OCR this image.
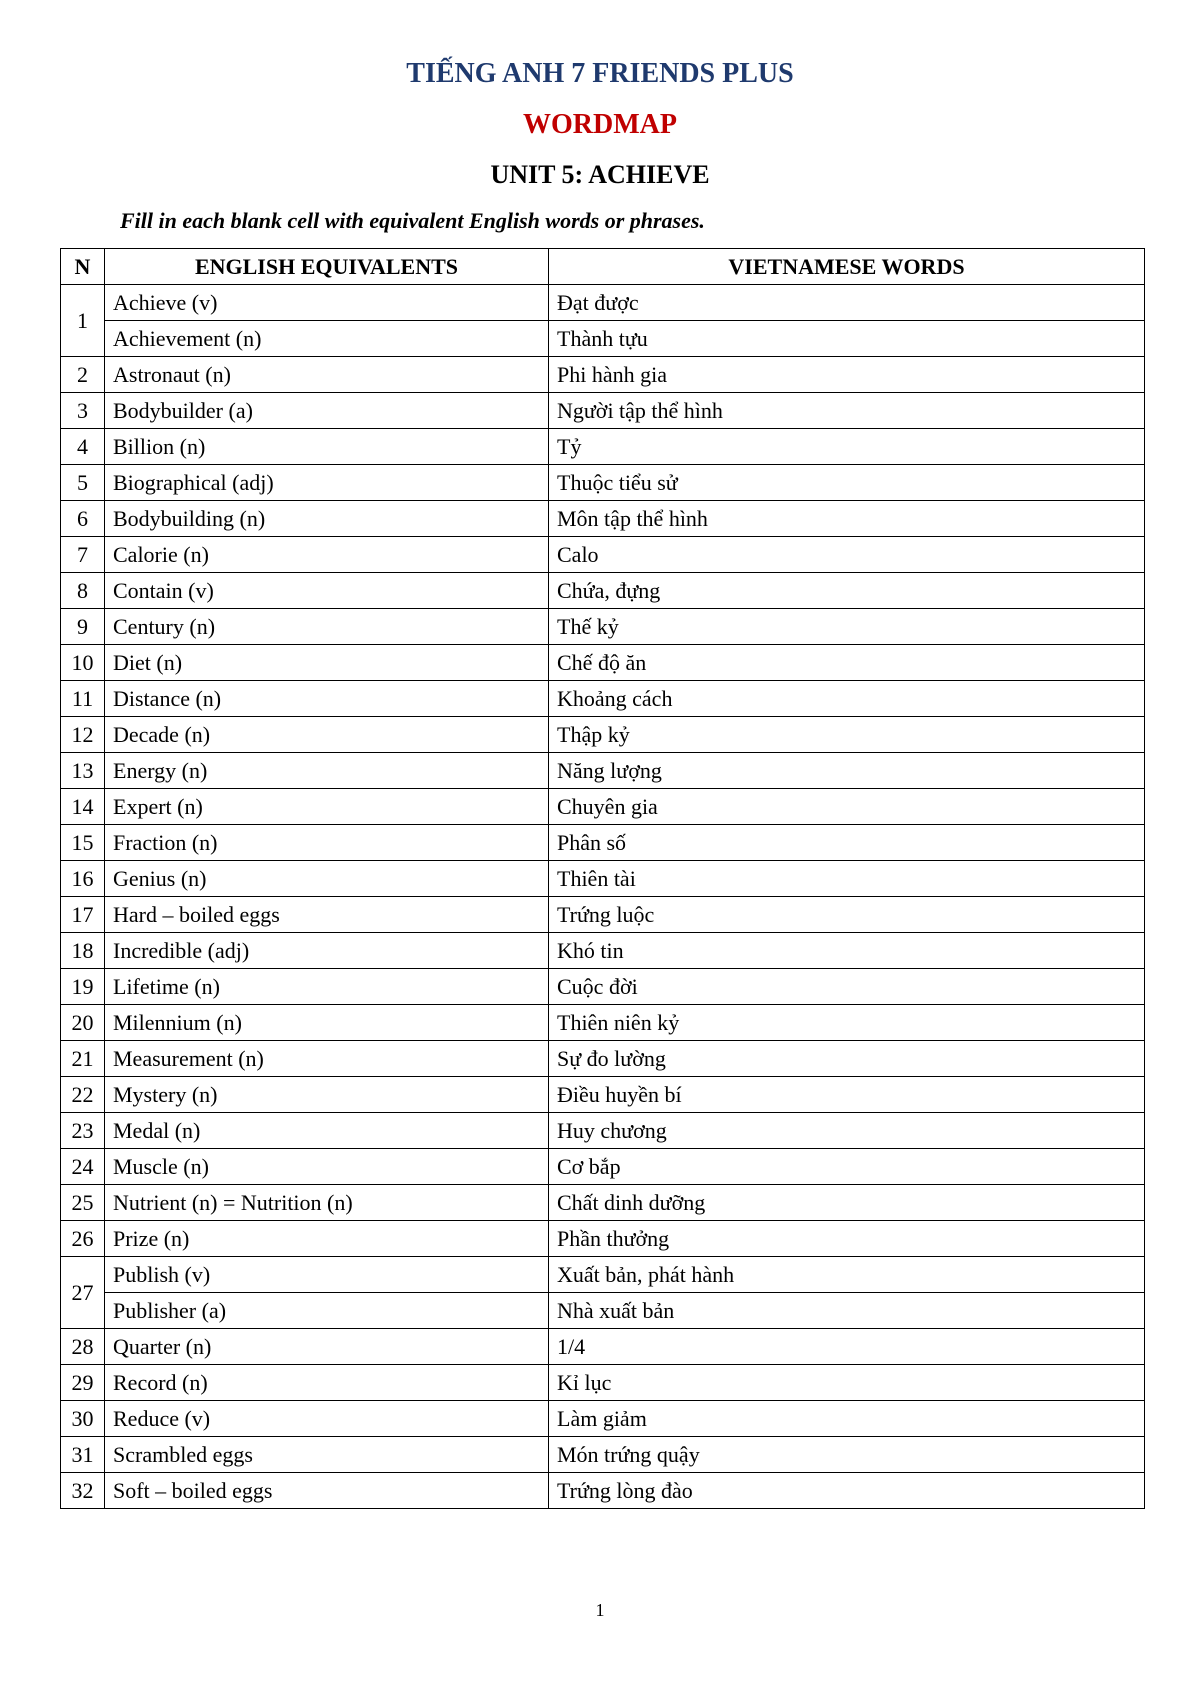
TIẾNG ANH 7 FRIENDS PLUS
WORDMAP
UNIT 5: ACHIEVE
Fill in each blank cell with equivalent English words or phrases.
N	ENGLISH EQUIVALENTS	VIETNAMESE WORDS
1	Achieve (v)	Đạt được
	Achievement (n)	Thành tựu
2	Astronaut (n)	Phi hành gia
3	Bodybuilder (a)	Người tập thể hình
4	Billion (n)	Tỷ
5	Biographical (adj)	Thuộc tiểu sử
6	Bodybuilding (n)	Môn tập thể hình
7	Calorie (n)	Calo
8	Contain (v)	Chứa, đựng
9	Century (n)	Thế kỷ
10	Diet (n)	Chế độ ăn
11	Distance (n)	Khoảng cách
12	Decade (n)	Thập kỷ
13	Energy (n)	Năng lượng
14	Expert (n)	Chuyên gia
15	Fraction (n)	Phân số
16	Genius (n)	Thiên tài
17	Hard – boiled eggs	Trứng luộc
18	Incredible (adj)	Khó tin
19	Lifetime (n)	Cuộc đời
20	Milennium (n)	Thiên niên kỷ
21	Measurement (n)	Sự đo lường
22	Mystery (n)	Điều huyền bí
23	Medal (n)	Huy chương
24	Muscle (n)	Cơ bắp
25	Nutrient (n) = Nutrition (n)	Chất dinh dưỡng
26	Prize (n)	Phần thưởng
27	Publish (v)	Xuất bản, phát hành
	Publisher (a)	Nhà xuất bản
28	Quarter (n)	1/4
29	Record (n)	Kỉ lục
30	Reduce (v)	Làm giảm
31	Scrambled eggs	Món trứng quậy
32	Soft – boiled eggs	Trứng lòng đào
1
